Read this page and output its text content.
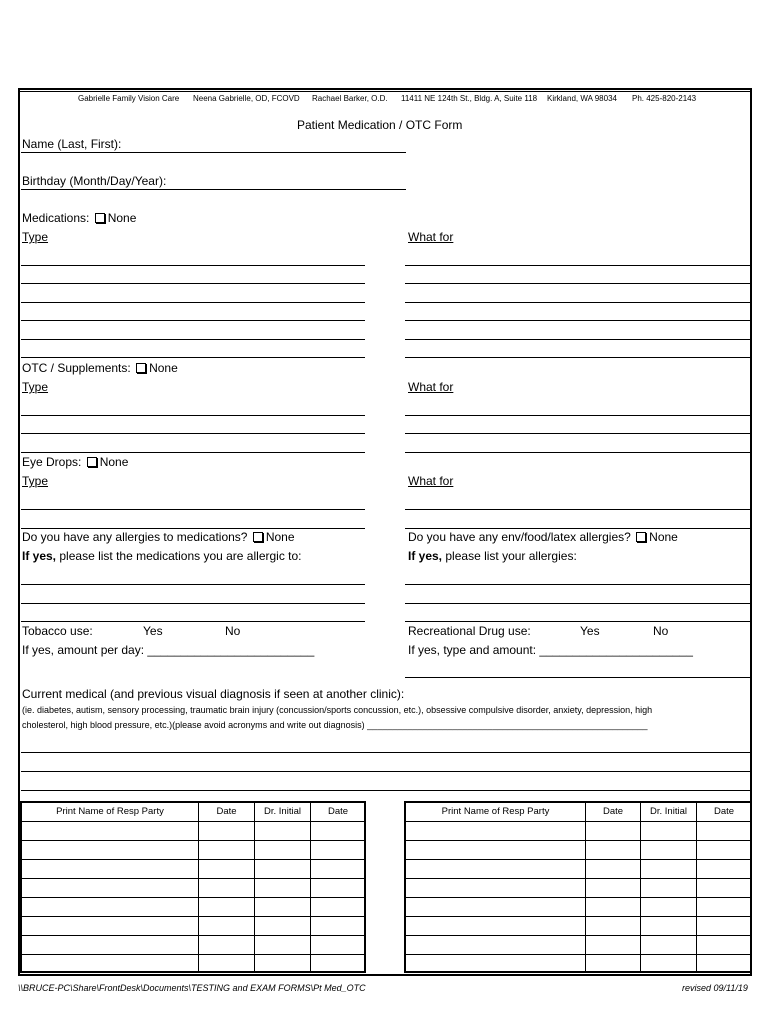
Gabrielle Family Vision Care Neena Gabrielle, OD, FCOVD Rachael Barker, O.D. 11411 NE 124th St., Bldg. A, Suite 118 Kirkland, WA 98034 Ph. 425-820-2143
Patient Medication / OTC Form
Name (Last, First):
Birthday (Month/Day/Year):
Medications: None
Type	What for
OTC / Supplements: None
Type	What for
Eye Drops: None
Type	What for
Do you have any allergies to medications? None
If yes, please list the medications you are allergic to:
Do you have any env/food/latex allergies? None
If yes, please list your allergies:
Tobacco use:	Yes	No
If yes, amount per day: _________________________
Recreational Drug use:	Yes	No
If yes, type and amount: _______________________
Current medical (and previous visual diagnosis if seen at another clinic):
(ie. diabetes, autism, sensory processing, traumatic brain injury (concussion/sports concussion, etc.), obsessive compulsive disorder, anxiety, depression, high
cholesterol, high blood pressure, etc.)(please avoid acronyms and write out diagnosis) ________________________________________________________
Print Name of Resp Party	Date	Dr. Initial	Date	Print Name of Resp Party	Date	Dr. Initial	Date
\\BRUCE-PC\Share\FrontDesk\Documents\TESTING and EXAM FORMS\Pt Med_OTC	revised 09/11/19
